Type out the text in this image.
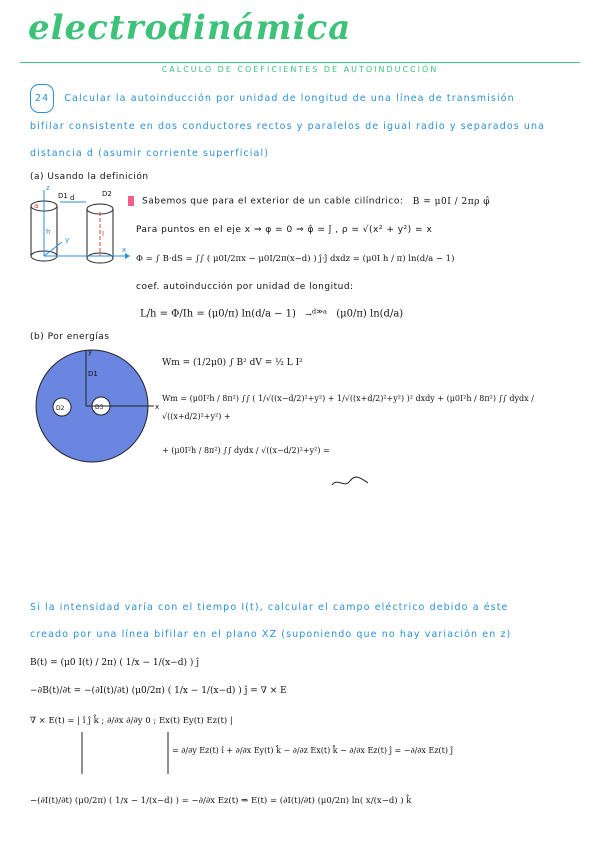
electrodinámica
CÁLCULO DE COEFICIENTES DE AUTOINDUCCIÓN
24 Calcular la autoinducción por unidad de longitud de una línea de transmisión
bifilar consistente en dos conductores rectos y paralelos de igual radio y separados una
distancia d (asumir corriente superficial)
(a) Usando la definición
D1	D2
d
h
y
x
z
a
I
Sabemos que para el exterior de un cable cilíndrico: B = μ0I / 2πρ φ̂
Para puntos en el eje x ⇒ φ = 0 ⇒ φ̂ = ĵ , ρ = √(x² + y²) = x
Φ = ∫ B·dS = ∫∫ ( μ0I/2πx − μ0I/2π(x−d) ) ĵ·ĵ dxdz = (μ0I h / π) ln(d/a − 1)
coef. autoinducción por unidad de longitud:
L/h = Φ/Ih = (μ0/π) ln(d/a − 1) →$^{d≫a}$ (μ0/π) ln(d/a)
(b) Por energías
y
x
D1
D2	D3
Wm = (1/2μ0) ∫ B² dV = ½ L I²
Wm = (μ0I²h / 8π²) ∫∫ ( 1/√((x−d/2)²+y²) + 1/√((x+d/2)²+y²) )² dxdy + (μ0I²h / 8π²) ∫∫ dydx / √((x+d/2)²+y²) +
+ (μ0I²h / 8π²) ∫∫ dydx / √((x−d/2)²+y²) =
Si la intensidad varía con el tiempo I(t), calcular el campo eléctrico debido a éste
creado por una línea bifilar en el plano XZ (suponiendo que no hay variación en z)
B(t) = (μ0 I(t) / 2π) ( 1/x − 1/(x−d) ) ĵ
−∂B(t)/∂t = −(∂I(t)/∂t) (μ0/2π) ( 1/x − 1/(x−d) ) ĵ = ∇ × E
∇ × E(t) = | î ĵ k̂ ; ∂/∂x ∂/∂y 0 ; Ex(t) Ey(t) Ez(t) |
= ∂/∂y Ez(t) î + ∂/∂x Ey(t) k̂ − ∂/∂z Ex(t) k̂ − ∂/∂x Ez(t) ĵ = −∂/∂x Ez(t) ĵ
−(∂I(t)/∂t) (μ0/2π) ( 1/x − 1/(x−d) ) = −∂/∂x Ez(t) ⇒ E(t) = (∂I(t)/∂t) (μ0/2π) ln( x/(x−d) ) k̂
